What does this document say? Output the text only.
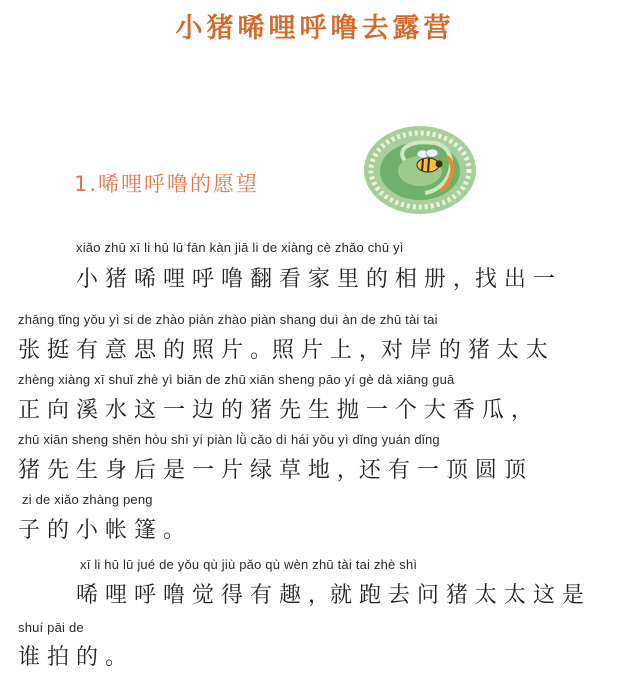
小猪唏哩呼噜去露营
1.唏哩呼噜的愿望
xiǎo zhū xī li hū lū fān kàn jiā li de xiàng cè zhǎo chū yì
小 猪 唏 哩 呼 噜 翻 看 家 里 的 相 册 ，找 出 一
zhāng tǐng yǒu yì si de zhào piàn zhào piàn shang duì àn de zhū tài tai
张 挺 有 意 思 的 照 片 。照 片 上 ，对 岸 的 猪 太 太
zhèng xiàng xī shuǐ zhè yì biān de zhū xiān sheng pāo yí gè dà xiāng guā
正 向 溪 水 这 一 边 的 猪 先 生 抛 一 个 大 香 瓜 ，
zhū xiān sheng shēn hòu shì yí piàn lǜ cǎo dì hái yǒu yì dǐng yuán dǐng
猪 先 生 身 后 是 一 片 绿 草 地 ，还 有 一 顶 圆 顶
zi de xiǎo zhàng peng
子 的 小 帐 篷 。
xī li hū lū jué de yǒu qù jiù pǎo qù wèn zhū tài tai zhè shì
唏 哩 呼 噜 觉 得 有 趣 ，就 跑 去 问 猪 太 太 这 是
shuí pāi de
谁 拍 的 。
